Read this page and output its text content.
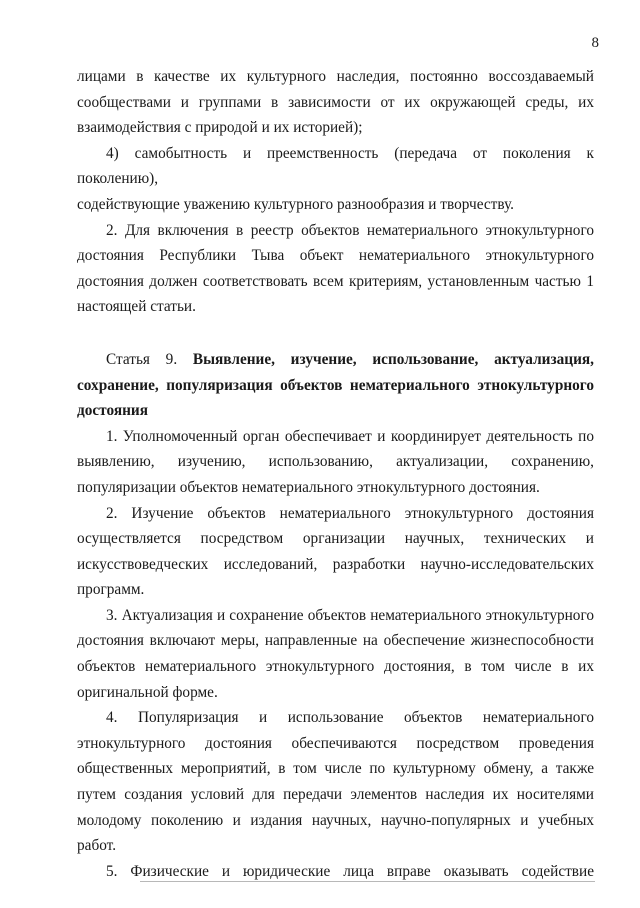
8

лицами в качестве их культурного наследия, постоянно воссоздаваемый

сообществами и группами в зависимости от их окружающей среды, их

взаимодействия с природой и их историей);

4) самобытность и преемственность (передача от поколения к поколению),

содействующие уважению культурного разнообразия и творчеству.

2. Для включения в реестр объектов нематериального этнокультурного

достояния Республики Тыва объект нематериального этнокультурного

достояния должен соответствовать всем критериям, установленным частью 1

настоящей статьи.

Статья 9. Выявление, изучение, использование, актуализация, сохранение, популяризация объектов нематериального этнокультурного достояния

1. Уполномоченный орган обеспечивает и координирует деятельность по

выявлению, изучению, использованию, актуализации, сохранению,

популяризации объектов нематериального этнокультурного достояния.

2. Изучение объектов нематериального этнокультурного достояния

осуществляется посредством организации научных, технических и

искусствоведческих исследований, разработки научно-исследовательских

программ.

3. Актуализация и сохранение объектов нематериального этнокультурного

достояния включают меры, направленные на обеспечение жизнеспособности

объектов нематериального этнокультурного достояния, в том числе в их

оригинальной форме.

4. Популяризация и использование объектов нематериального

этнокультурного достояния обеспечиваются посредством проведения

общественных мероприятий, в том числе по культурному обмену, а также

путем создания условий для передачи элементов наследия их носителями

молодому поколению и издания научных, научно-популярных и учебных работ.

5. Физические и юридические лица вправе оказывать содействие
